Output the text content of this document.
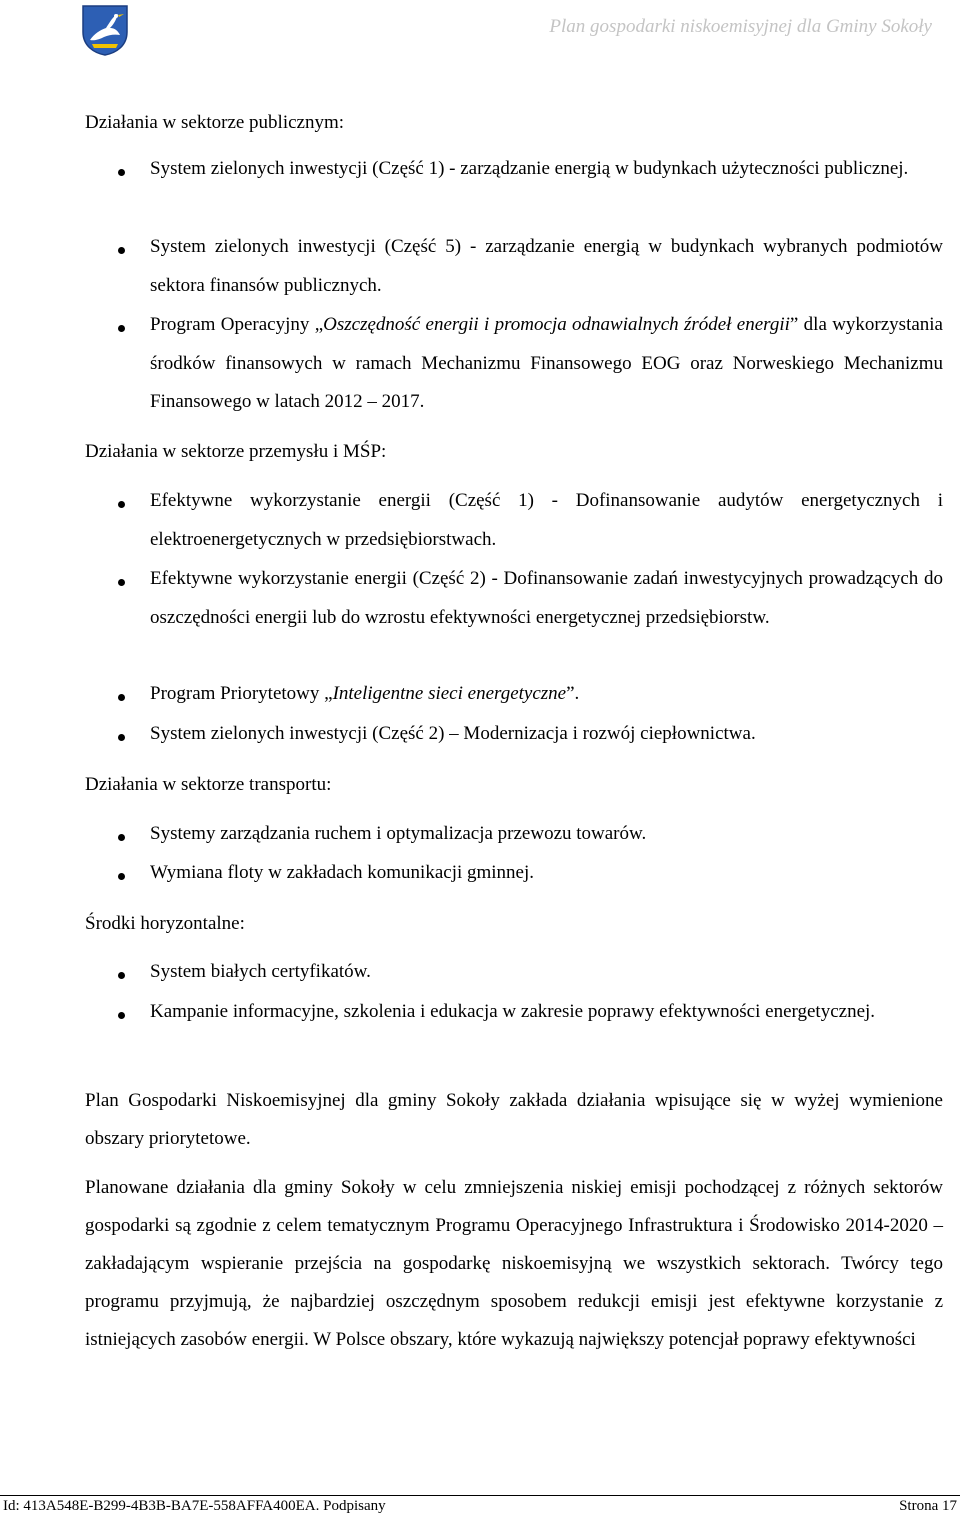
Plan gospodarki niskoemisyjnej dla Gminy Sokoły
Działania w sektorze publicznym:
System zielonych inwestycji (Część 1) - zarządzanie energią w budynkach użyteczności publicznej.
System zielonych inwestycji (Część 5) - zarządzanie energią w budynkach wybranych podmiotów sektora finansów publicznych.
Program Operacyjny „Oszczędność energii i promocja odnawialnych źródeł energii” dla wykorzystania środków finansowych w ramach Mechanizmu Finansowego EOG oraz Norweskiego Mechanizmu Finansowego w latach 2012 – 2017.
Działania w sektorze przemysłu i MŚP:
Efektywne wykorzystanie energii (Część 1) - Dofinansowanie audytów energetycznych i elektroenergetycznych w przedsiębiorstwach.
Efektywne wykorzystanie energii (Część 2) - Dofinansowanie zadań inwestycyjnych prowadzących do oszczędności energii lub do wzrostu efektywności energetycznej przedsiębiorstw.
Program Priorytetowy „Inteligentne sieci energetyczne”.
System zielonych inwestycji (Część 2) – Modernizacja i rozwój ciepłownictwa.
Działania w sektorze transportu:
Systemy zarządzania ruchem i optymalizacja przewozu towarów.
Wymiana floty w zakładach komunikacji gminnej.
Środki horyzontalne:
System białych certyfikatów.
Kampanie informacyjne, szkolenia i edukacja w zakresie poprawy efektywności energetycznej.
Plan Gospodarki Niskoemisyjnej dla gminy Sokoły zakłada działania wpisujące się w wyżej wymienione obszary priorytetowe.
Planowane działania dla gminy Sokoły w celu zmniejszenia niskiej emisji pochodzącej z różnych sektorów gospodarki są zgodnie z celem tematycznym Programu Operacyjnego Infrastruktura i Środowisko 2014-2020 – zakładającym wspieranie przejścia na gospodarkę niskoemisyjną we wszystkich sektorach. Twórcy tego programu przyjmują, że najbardziej oszczędnym sposobem redukcji emisji jest efektywne korzystanie z istniejących zasobów energii. W Polsce obszary, które wykazują największy potencjał poprawy efektywności
Id: 413A548E-B299-4B3B-BA7E-558AFFA400EA. Podpisany	Strona 17
